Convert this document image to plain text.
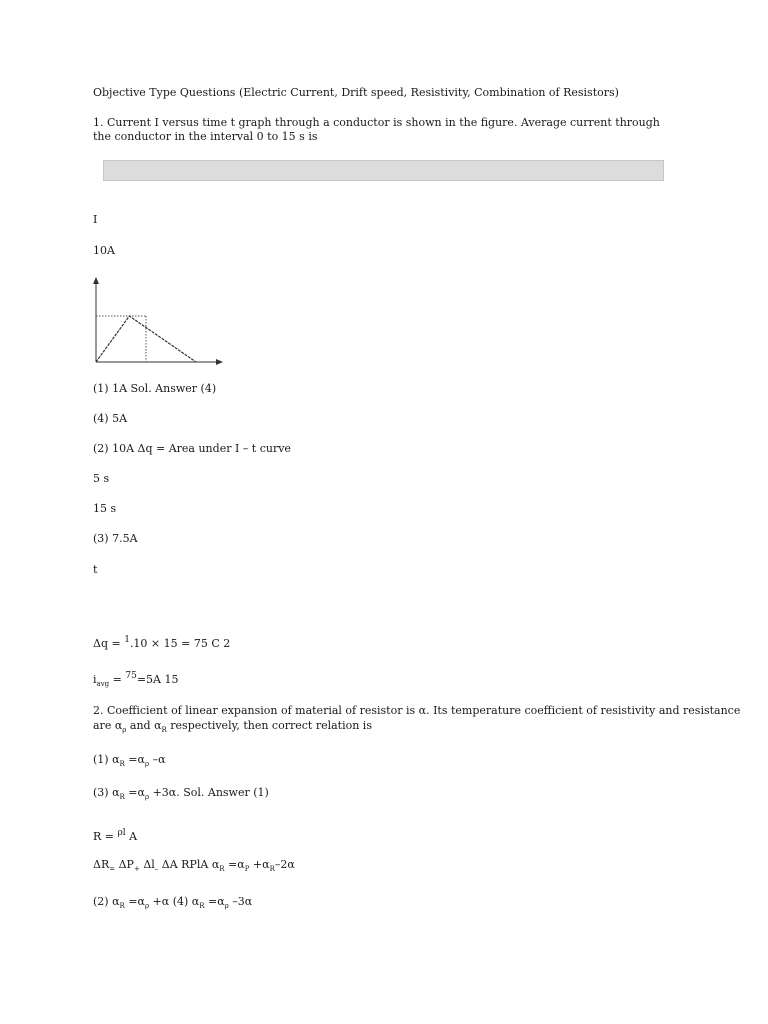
Objective Type Questions (Electric Current, Drift speed, Resistivity, Combination of Resistors)
1. Current I versus time t graph through a conductor is shown in the figure. Average current through the conductor in the interval 0 to 15 s is
I
10A
(1) 1A Sol. Answer (4)
(4) 5A
(2) 10A Δq = Area under I – t curve
5 s
15 s
(3) 7.5A
t
Δq = $^1$.10 × 15 = 75 C 2
$i_{avg} = ^{75}=5A$ 15
2. Coefficient of linear expansion of material of resistor is α. Its temperature coefficient of resistivity and resistance
are $\alpha_\rho$ and $\alpha_R$ respectively, then correct relation is
(1) $\alpha_R =\alpha_\rho$ –α
(3) $\alpha_R =\alpha_\rho +3\alpha$. Sol. Answer (1)
R = $^{\rho l}$ A
$\Delta R_=$ $\Delta P_+$ $\Delta l_-$ ΔA RPlA $\alpha_R =\alpha_P +\alpha_R-2\alpha$
(2) $\alpha_R =\alpha_\rho +\alpha$ (4) $\alpha_R =\alpha_\rho$ –3α
